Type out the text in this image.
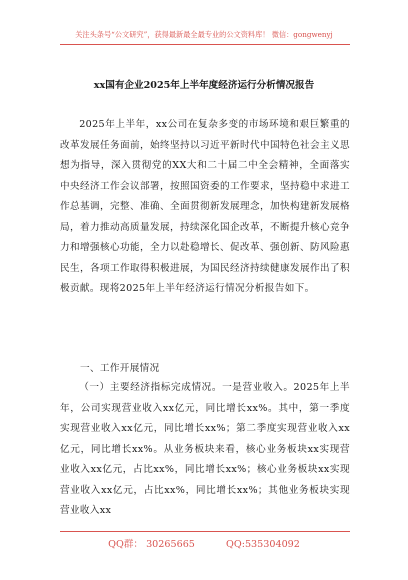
关注头条号“公文研究”，获得最新最全最专业的公文资料库！ 微信：gongwenyj
xx国有企业2025年上半年度经济运行分析情况报告

2025年上半年，xx公司在复杂多变的市场环境和艰巨繁重的改革发展任务面前，始终坚持以习近平新时代中国特色社会主义思想为指导，深入贯彻党的XX大和二十届二中全会精神，全面落实中央经济工作会议部署，按照国资委的工作要求，坚持稳中求进工作总基调，完整、准确、全面贯彻新发展理念，加快构建新发展格局，着力推动高质量发展，持续深化国企改革，不断提升核心竞争力和增强核心功能，全力以赴稳增长、促改革、强创新、防风险惠民生，各项工作取得积极进展，为国民经济持续健康发展作出了积极贡献。现将2025年上半年经济运行情况分析报告如下。

一、工作开展情况

（一）主要经济指标完成情况。一是营业收入。2025年上半年，公司实现营业收入xx亿元，同比增长xx%。其中，第一季度实现营业收入xx亿元，同比增长xx%；第二季度实现营业收入xx亿元，同比增长xx%。从业务板块来看，核心业务板块xx实现营业收入xx亿元，占比xx%，同比增长xx%；核心业务板块xx实现营业收入xx亿元，占比xx%，同比增长xx%；其他业务板块实现营业收入xx

QQ群： 30265665	QQ:535304092
